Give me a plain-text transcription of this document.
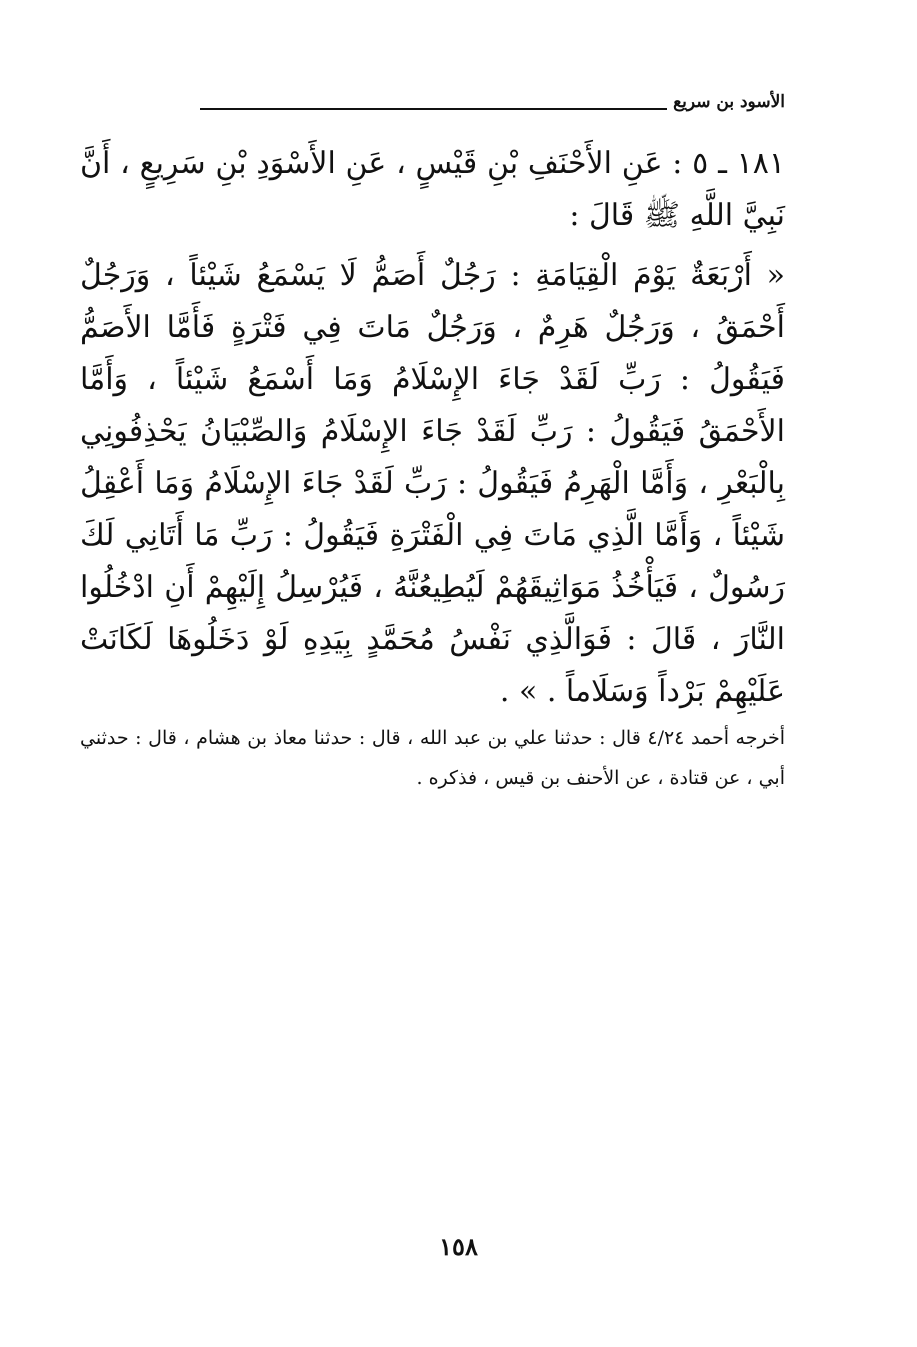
الأسود بن سريع

١٨١ ـ ٥ : عَنِ الأَحْنَفِ بْنِ قَيْسٍ ، عَنِ الأَسْوَدِ بْنِ سَرِيعٍ ، أَنَّ نَبِيَّ اللَّهِ ﷺ قَالَ :

« أَرْبَعَةٌ يَوْمَ الْقِيَامَةِ : رَجُلٌ أَصَمُّ لَا يَسْمَعُ شَيْئاً ، وَرَجُلٌ أَحْمَقُ ، وَرَجُلٌ هَرِمٌ ، وَرَجُلٌ مَاتَ فِي فَتْرَةٍ فَأَمَّا الأَصَمُّ فَيَقُولُ : رَبِّ لَقَدْ جَاءَ الإِسْلَامُ وَمَا أَسْمَعُ شَيْئاً ، وَأَمَّا الأَحْمَقُ فَيَقُولُ : رَبِّ لَقَدْ جَاءَ الإِسْلَامُ وَالصِّبْيَانُ يَحْذِفُونِي بِالْبَعْرِ ، وَأَمَّا الْهَرِمُ فَيَقُولُ : رَبِّ لَقَدْ جَاءَ الإِسْلَامُ وَمَا أَعْقِلُ شَيْئاً ، وَأَمَّا الَّذِي مَاتَ فِي الْفَتْرَةِ فَيَقُولُ : رَبِّ مَا أَتَانِي لَكَ رَسُولٌ ، فَيَأْخُذُ مَوَاثِيقَهُمْ لَيُطِيعُنَّهُ ، فَيُرْسِلُ إِلَيْهِمْ أَنِ ادْخُلُوا النَّارَ ، قَالَ : فَوَالَّذِي نَفْسُ مُحَمَّدٍ بِيَدِهِ لَوْ دَخَلُوهَا لَكَانَتْ عَلَيْهِمْ بَرْداً وَسَلَاماً . » .

أخرجه أحمد ٤/٢٤ قال : حدثنا علي بن عبد الله ، قال : حدثنا معاذ بن هشام ، قال : حدثني أبي ، عن قتادة ، عن الأحنف بن قيس ، فذكره .
١٥٨
